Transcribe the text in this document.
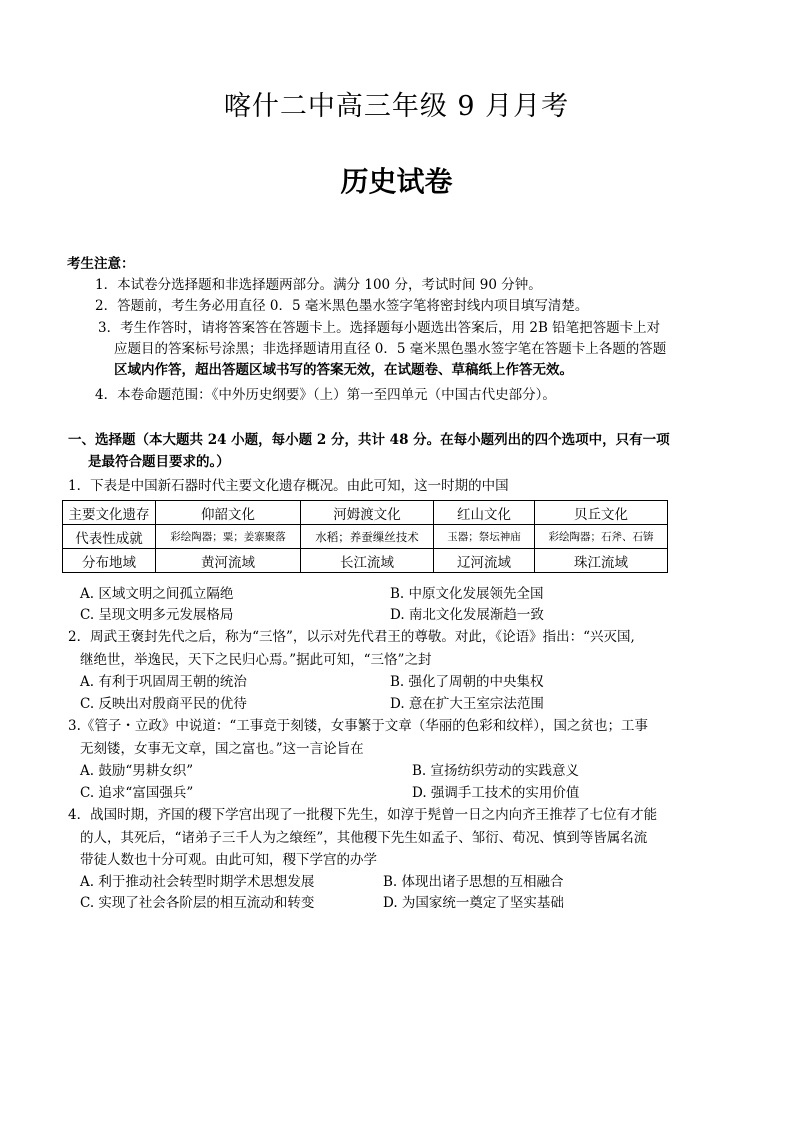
喀什二中高三年级 9 月月考
历史试卷
考生注意：
1．本试卷分选择题和非选择题两部分。满分 100 分，考试时间 90 分钟。
2．答题前，考生务必用直径 0．5 毫米黑色墨水签字笔将密封线内项目填写清楚。
3．考生作答时，请将答案答在答题卡上。选择题每小题选出答案后，用 2B 铅笔把答题卡上对
应题目的答案标号涂黑；非选择题请用直径 0．5 毫米黑色墨水签字笔在答题卡上各题的答题
区域内作答，超出答题区域书写的答案无效，在试题卷、草稿纸上作答无效。
4．本卷命题范围：《中外历史纲要》（上）第一至四单元（中国古代史部分）。
一、选择题（本大题共 24 小题，每小题 2 分，共计 48 分。在每小题列出的四个选项中，只有一项
是最符合题目要求的。）
1．下表是中国新石器时代主要文化遗存概况。由此可知，这一时期的中国
主要文化遗存	仰韶文化	河姆渡文化	红山文化	贝丘文化
代表性成就	彩绘陶器；粟；姜寨聚落	水稻；养蚕缫丝技术	玉器；祭坛神庙	彩绘陶器；石斧、石锛
分布地域	黄河流域	长江流域	辽河流域	珠江流域
A. 区域文明之间孤立隔绝	B. 中原文化发展领先全国
C. 呈现文明多元发展格局	D. 南北文化发展渐趋一致
2．周武王褒封先代之后，称为“三恪”，以示对先代君王的尊敬。对此，《论语》指出：“兴灭国,
继绝世，举逸民，天下之民归心焉。”据此可知，“三恪”之封
A. 有利于巩固周王朝的统治	B. 强化了周朝的中央集权
C. 反映出对殷商平民的优待	D. 意在扩大王室宗法范围
3.《管子・立政》中说道：“工事竞于刻镂，女事繁于文章（华丽的色彩和纹样），国之贫也；工事
无刻镂，女事无文章，国之富也。”这一言论旨在
A. 鼓励“男耕女织”	B. 宣扬纺织劳动的实践意义
C. 追求“富国强兵”	D. 强调手工技术的实用价值
4．战国时期，齐国的稷下学宫出现了一批稷下先生，如淳于髡曾一日之内向齐王推荐了七位有才能
的人，其死后，“诸弟子三千人为之缞绖”，其他稷下先生如孟子、邹衍、荀况、慎到等皆属名流
带徒人数也十分可观。由此可知，稷下学宫的办学
A. 利于推动社会转型时期学术思想发展	B. 体现出诸子思想的互相融合
C. 实现了社会各阶层的相互流动和转变	D. 为国家统一奠定了坚实基础
